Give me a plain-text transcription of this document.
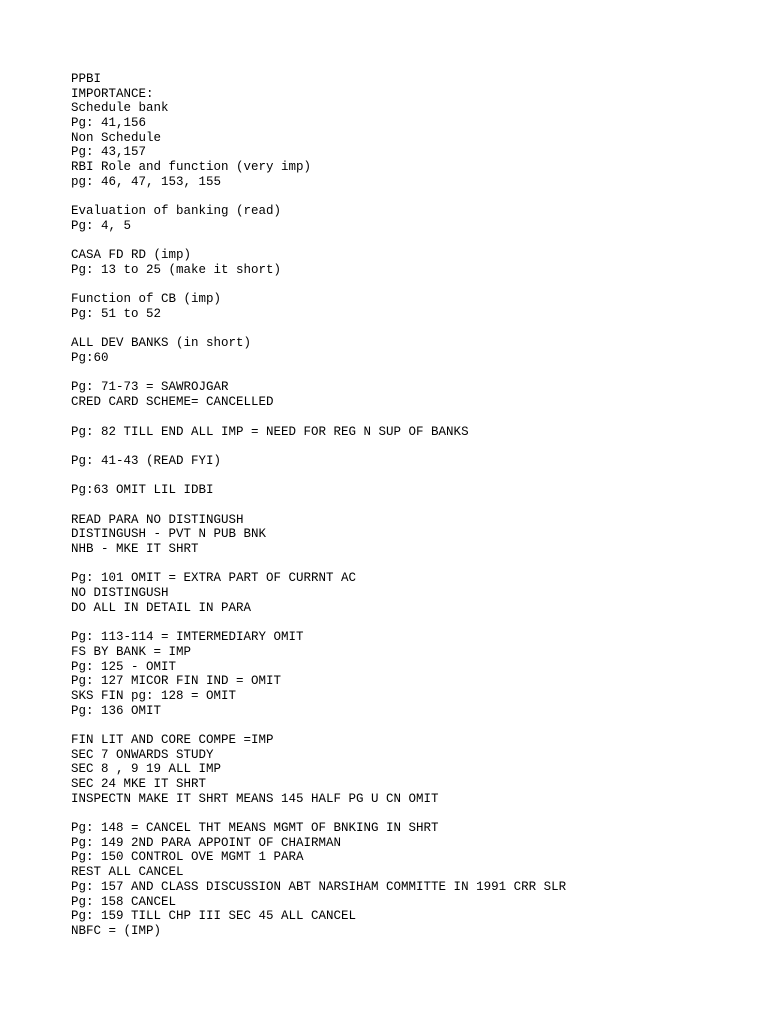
PPBI
IMPORTANCE:
Schedule bank
Pg: 41,156
Non Schedule
Pg: 43,157
RBI Role and function (very imp)
pg: 46, 47, 153, 155
Evaluation of banking (read)
Pg: 4, 5
CASA FD RD (imp)
Pg: 13 to 25 (make it short)
Function of CB (imp)
Pg: 51 to 52
ALL DEV BANKS (in short)
Pg:60
Pg: 71-73 = SAWROJGAR
CRED CARD SCHEME= CANCELLED
Pg: 82 TILL END ALL IMP = NEED FOR REG N SUP OF BANKS
Pg: 41-43 (READ FYI)
Pg:63 OMIT LIL IDBI
READ PARA NO DISTINGUSH
DISTINGUSH - PVT N PUB BNK
NHB - MKE IT SHRT
Pg: 101 OMIT = EXTRA PART OF CURRNT AC
NO DISTINGUSH
DO ALL IN DETAIL IN PARA
Pg: 113-114 = IMTERMEDIARY OMIT
FS BY BANK = IMP
Pg: 125 - OMIT
Pg: 127 MICOR FIN IND = OMIT
SKS FIN pg: 128 = OMIT
Pg: 136 OMIT
FIN LIT AND CORE COMPE =IMP
SEC 7 ONWARDS STUDY
SEC 8 , 9 19 ALL IMP
SEC 24 MKE IT SHRT
INSPECTN MAKE IT SHRT MEANS 145 HALF PG U CN OMIT
Pg: 148 = CANCEL THT MEANS MGMT OF BNKING IN SHRT
Pg: 149 2ND PARA APPOINT OF CHAIRMAN
Pg: 150 CONTROL OVE MGMT 1 PARA
REST ALL CANCEL
Pg: 157 AND CLASS DISCUSSION ABT NARSIHAM COMMITTE IN 1991 CRR SLR
Pg: 158 CANCEL
Pg: 159 TILL CHP III SEC 45 ALL CANCEL
NBFC = (IMP)
